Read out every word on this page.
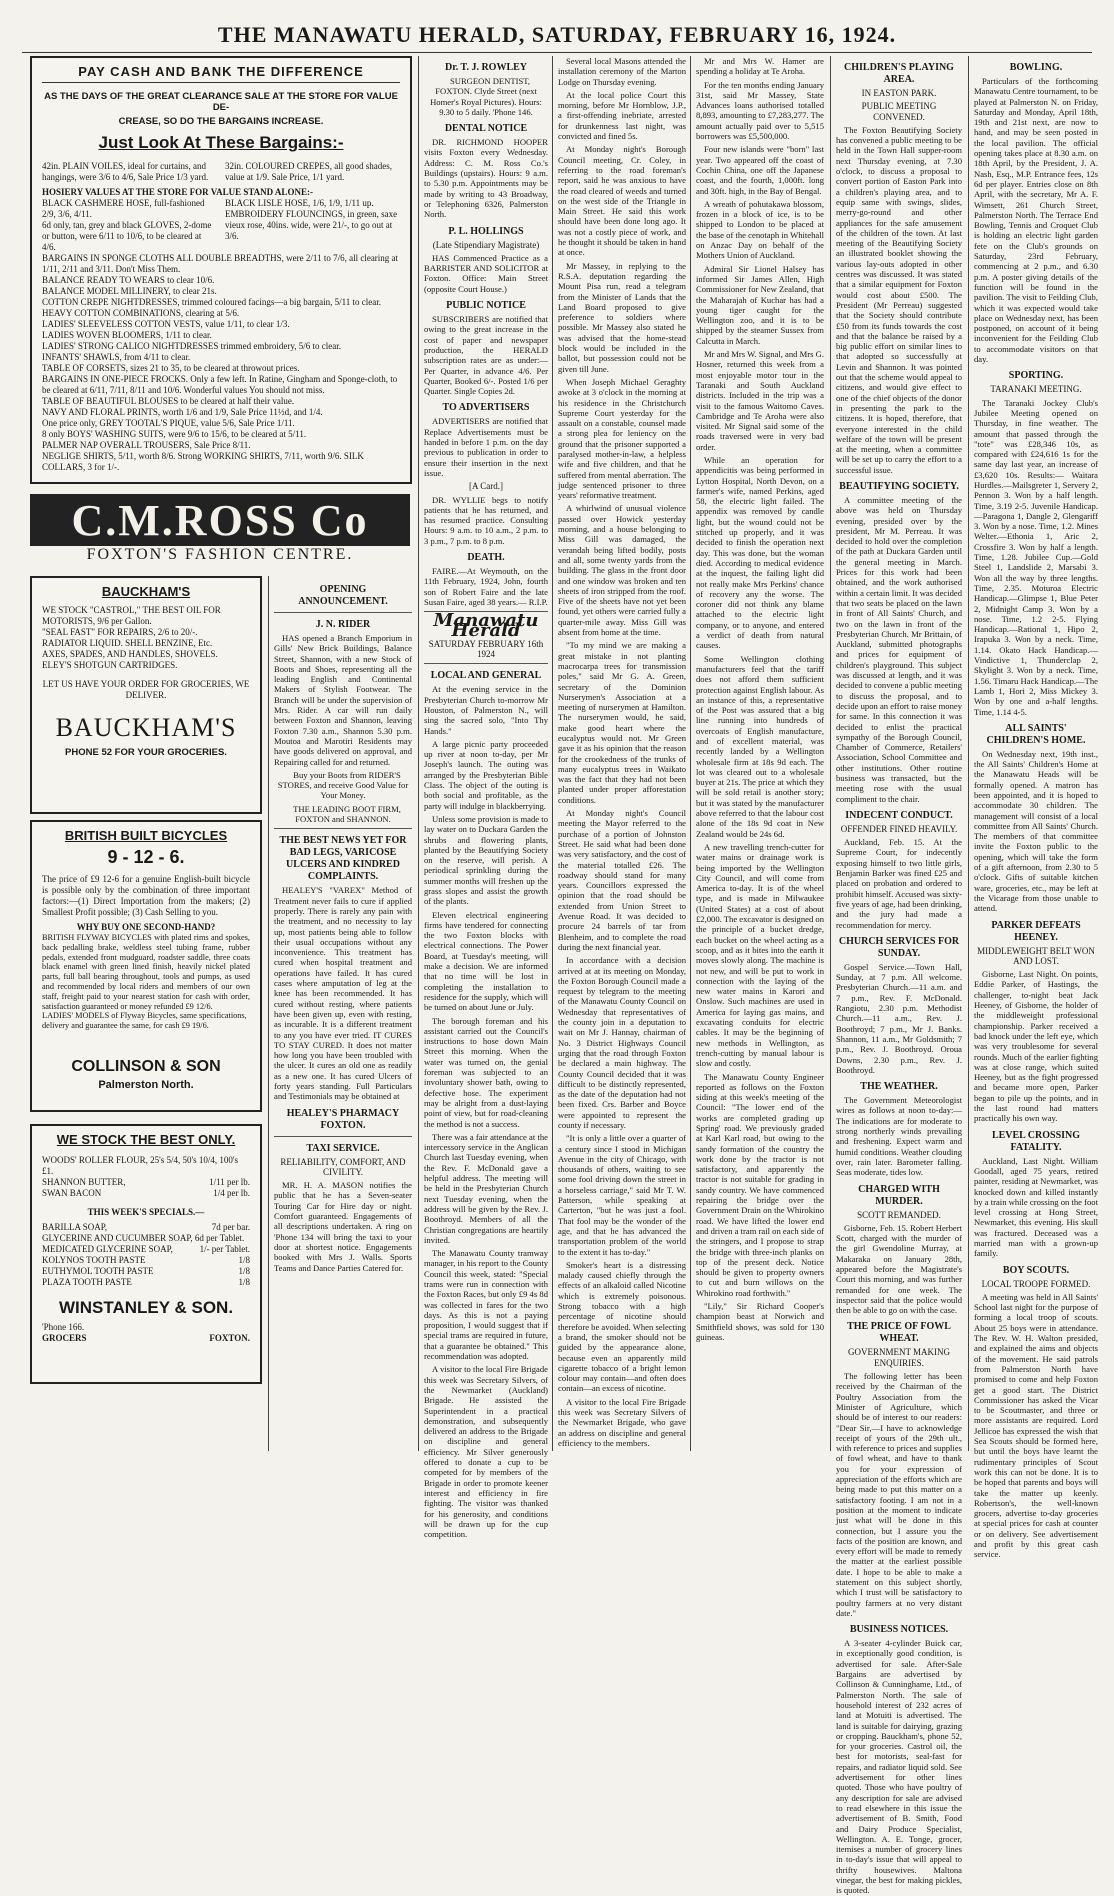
THE MANAWATU HERALD, SATURDAY, FEBRUARY 16, 1924.
PAY CASH AND BANK THE DIFFERENCE
AS THE DAYS OF THE GREAT CLEARANCE SALE AT THE STORE FOR VALUE DE-
CREASE, SO DO THE BARGAINS INCREASE.
Just Look At These Bargains:-
42in. PLAIN VOILES, ideal for curtains, and hangings, were 3/6 to 4/6, Sale Price 1/3 yard.
32in. COLOURED CREPES, all good shades, value at 1/9. Sale Price, 1/1 yard.
HOSIERY VALUES AT THE STORE FOR VALUE STAND ALONE:-
BLACK CASHMERE HOSE, full-fashioned 2/9, 3/6, 4/11.
6d only, tan, grey and black GLOVES, 2-dome or button, were 6/11 to 10/6, to be cleared at 4/6.
BLACK LISLE HOSE, 1/6, 1/9, 1/11 up.
EMBROIDERY FLOUNCINGS, in green, saxe vieux rose, 40ins. wide, were 21/-, to go out at 3/6.
BARGAINS IN SPONGE CLOTHS ALL DOUBLE BREADTHS, were 2/11 to 7/6, all clearing at 1/11, 2/11 and 3/11. Don't Miss Them.
BALANCE READY TO WEARS to clear 10/6.
BALANCE MODEL MILLINERY, to clear 21s.
COTTON CREPE NIGHTDRESSES, trimmed coloured facings—a big bargain, 5/11 to clear.
HEAVY COTTON COMBINATIONS, clearing at 5/6.
LADIES' SLEEVELESS COTTON VESTS, value 1/11, to clear 1/3.
LADIES WOVEN BLOOMERS, 1/11 to clear.
LADIES' STRONG CALICO NIGHTDRESSES trimmed embroidery, 5/6 to clear.
INFANTS' SHAWLS, from 4/11 to clear.
TABLE OF CORSETS, sizes 21 to 35, to be cleared at throwout prices.
BARGAINS IN ONE-PIECE FROCKS. Only a few left. In Ratine, Gingham and Sponge-cloth, to be cleared at 6/11, 7/11, 8/11 and 10/6. Wonderful values You should not miss.
TABLE OF BEAUTIFUL BLOUSES to be cleared at half their value.
NAVY AND FLORAL PRINTS, worth 1/6 and 1/9, Sale Price 11½d, and 1/4.
One price only, GREY TOOTAL'S PIQUE, value 5/6, Sale Price 1/11.
8 only BOYS' WASHING SUITS, were 9/6 to 15/6, to be cleared at 5/11.
PALMER NAP OVERALL TROUSERS, Sale Price 8/11.
NEGLIGE SHIRTS, 5/11, worth 8/6. Strong WORKING SHIRTS, 7/11, worth 9/6. SILK COLLARS, 3 for 1/-.
C.M.ROSS Co
FOXTON'S FASHION CENTRE.
BAUCKHAM'S
WE STOCK "CASTROL," THE BEST OIL FOR MOTORISTS, 9/6 per Gallon.
"SEAL FAST" FOR REPAIRS, 2/6 to 20/-.
RADIATOR LIQUID. SHELL BENZINE, Etc.
AXES, SPADES, AND HANDLES, SHOVELS.
ELEY'S SHOTGUN CARTRIDGES.
LET US HAVE YOUR ORDER FOR GROCERIES, WE DELIVER.
BAUCKHAM'S
PHONE 52 FOR YOUR GROCERIES.
BRITISH BUILT BICYCLES
9 - 12 - 6.
The price of £9 12-6 for a genuine English-built bicycle is possible only by the combination of three important factors:—(1) Direct Importation from the makers; (2) Smallest Profit possible; (3) Cash Selling to you.
WHY BUY ONE SECOND-HAND?
BRITISH FLYWAY BICYCLES with plated rims and spokes, back pedalling brake, weldless steel tubing frame, rubber pedals, extended front mudguard, roadster saddle, three coats black enamel with green lined finish, heavily nickel plated parts, full ball bearing throughout, tools and pumps, as used and recommended by local riders and members of our own staff, freight paid to your nearest station for cash with order, satisfaction guaranteed or money refunded £9 12/6.
LADIES' MODELS of Flyway Bicycles, same specifications, delivery and guarantee the same, for cash £9 19/6.
COLLINSON & SON
Palmerston North.
WE STOCK THE BEST ONLY.
WOODS' ROLLER FLOUR, 25's 5/4, 50's 10/4, 100's £1.
SHANNON BUTTER,	1/11 per lb.
SWAN BACON	1/4 per lb.
THIS WEEK'S SPECIALS.—
BARILLA SOAP,	7d per bar.
GLYCERINE AND CUCUMBER SOAP, 6d per Tablet.
MEDICATED GLYCERINE SOAP,	1/- per Tablet.
KOLYNOS TOOTH PASTE	1/8
EUTHYMOL TOOTH PASTE	1/8
PLAZA TOOTH PASTE	1/8
WINSTANLEY & SON.
'Phone 166.
GROCERS	FOXTON.
OPENING ANNOUNCEMENT.
J. N. RIDER

HAS opened a Branch Emporium in Gills' New Brick Buildings, Balance Street, Shannon, with a new Stock of Boots and Shoes, representing all the leading English and Continental Makers of Stylish Footwear. The Branch will be under the supervision of Mrs. Rider. A car will run daily between Foxton and Shannon, leaving Foxton 7.30 a.m., Shannon 5.30 p.m. Moutoa and Marotiri Residents may have goods delivered on approval, and Repairing called for and returned.

Buy your Boots from RIDER'S STORES, and receive Good Value for Your Money.

THE LEADING BOOT FIRM, FOXTON and SHANNON.

THE BEST NEWS YET FOR BAD LEGS, VARICOSE ULCERS AND KINDRED COMPLAINTS.

HEALEY'S "VAREX" Method of Treatment never fails to cure if applied properly. There is rarely any pain with the treatment, and no necessity to lay up, most patients being able to follow their usual occupations without any inconvenience. This treatment has cured when hospital treatment and operations have failed. It has cured cases where amputation of leg at the knee has been recommended. It has cured without resting, where patients have been given up, even with resting, as incurable. It is a different treatment to any you have ever tried. IT CURES TO STAY CURED. It does not matter how long you have been troubled with the ulcer. It cures an old one as readily as a new one. It has cured Ulcers of forty years standing. Full Particulars and Testimonials may be obtained at

HEALEY'S PHARMACY FOXTON.
TAXI SERVICE.
RELIABILITY, COMFORT, AND CIVILITY.

MR. H. A. MASON notifies the public that he has a Seven-seater Touring Car for Hire day or night. Comfort guaranteed. Engagements of all descriptions undertaken. A ring on 'Phone 134 will bring the taxi to your door at shortest notice. Engagements booked with Mrs J. Walls. Sports Teams and Dance Parties Catered for.

Dr. T. J. ROWLEY

SURGEON DENTIST, FOXTON. Clyde Street (next Homer's Royal Pictures). Hours: 9.30 to 5 daily. 'Phone 146.

DENTAL NOTICE

DR. RICHMOND HOOPER visits Foxton every Wednesday. Address: C. M. Ross Co.'s Buildings (upstairs). Hours: 9 a.m. to 5.30 p.m. Appointments may be made by writing to 43 Broadway, or Telephoning 6326, Palmerston North.

P. L. HOLLINGS
(Late Stipendiary Magistrate)

HAS Commenced Practice as a BARRISTER AND SOLICITOR at Foxton. Office: Main Street (opposite Court House.)

PUBLIC NOTICE

SUBSCRIBERS are notified that owing to the great increase in the cost of paper and newspaper production, the HERALD subscription rates are as under:— Per Quarter, in advance 4/6. Per Quarter, Booked 6/-. Posted 1/6 per Quarter. Single Copies 2d.

TO ADVERTISERS

ADVERTISERS are notified that Replace Advertisements must be handed in before 1 p.m. on the day previous to publication in order to ensure their insertion in the next issue.

[A Card.]

DR. WYLLIE begs to notify patients that he has returned, and has resumed practice. Consulting Hours: 9 a.m. to 10 a.m., 2 p.m. to 3 p.m., 7 p.m. to 8 p.m.

DEATH.

FAIRE.—At Weymouth, on the 11th February, 1924, John, fourth son of Robert Faire and the late Susan Faire, aged 38 years.— R.I.P.

Manawatu Herald
SATURDAY FEBRUARY 16th 1924
LOCAL AND GENERAL

At the evening service in the Presbyterian Church to-morrow Mr Houston, of Palmerston N., will sing the sacred solo, "Into Thy Hands."

A large picnic party proceeded up river at noon to-day, per Mr Joseph's launch. The outing was arranged by the Presbyterian Bible Class. The object of the outing is both social and profitable, as the party will indulge in blackberrying.

Unless some provision is made to lay water on to Duckara Garden the shrubs and flowering plants, planted by the Beautifying Society on the reserve, will perish. A periodical sprinkling during the summer months will freshen up the grass slopes and assist the growth of the plants.

Eleven electrical engineering firms have tendered for connecting the two Foxton blocks with electrical connections. The Power Board, at Tuesday's meeting, will make a decision. We are informed that no time will be lost in completing the installation to residence for the supply, which will be turned on about June or July.

The borough foreman and his assistant carried out the Council's instructions to hose down Main Street this morning. When the water was turned on, the genial foreman was subjected to an involuntary shower bath, owing to defective hose. The experiment may be alright from a dust-laying point of view, but for road-cleaning the method is not a success.

There was a fair attendance at the intercessory service in the Anglican Church last Tuesday evening, when the Rev. F. McDonald gave a helpful address. The meeting will be held in the Presbyterian Church next Tuesday evening, when the address will be given by the Rev. J. Boothroyd. Members of all the Christian congregations are heartily invited.

The Manawatu County tramway manager, in his report to the County Council this week, stated: "Special trams were run in connection with the Foxton Races, but only £9 4s 8d was collected in fares for the two days. As this is not a paying proposition, I would suggest that if special trams are required in future, that a guarantee be obtained." This recommendation was adopted.

A visitor to the local Fire Brigade this week was Secretary Silvers, of the Newmarket (Auckland) Brigade. He assisted the Superintendent in a practical demonstration, and subsequently delivered an address to the Brigade on discipline and general efficiency. Mr Silver generously offered to donate a cup to be competed for by members of the Brigade in order to promote keener interest and efficiency in fire fighting. The visitor was thanked for his generosity, and conditions will be drawn up for the cup competition.

Several local Masons attended the installation ceremony of the Marton Lodge on Thursday evening.

At the local police Court this morning, before Mr Hornblow, J.P., a first-offending inebriate, arrested for drunkenness last night, was convicted and fined 5s.

At Monday night's Borough Council meeting, Cr. Coley, in referring to the road foreman's report, said he was anxious to have the road cleared of weeds and turned on the west side of the Triangle in Main Street. He said this work should have been done long ago. It was not a costly piece of work, and he thought it should be taken in hand at once.

Mr Massey, in replying to the R.S.A. deputation regarding the Mount Pisa run, read a telegram from the Minister of Lands that the Land Board proposed to give preference to soldiers where possible. Mr Massey also stated he was advised that the home-stead block would be included in the ballot, but possession could not be given till June.

When Joseph Michael Geraghty awoke at 3 o'clock in the morning at his residence in the Christchurch Supreme Court yesterday for the assault on a constable, counsel made a strong plea for leniency on the ground that the prisoner supported a paralysed mother-in-law, a helpless wife and five children, and that he suffered from mental aberration. The judge sentenced prisoner to three years' reformative treatment.

A whirlwind of unusual violence passed over Howick yesterday morning, and a house belonging to Miss Gill was damaged, the verandah being lifted bodily, posts and all, some twenty yards from the building. The glass in the front door and one window was broken and ten sheets of iron stripped from the roof. Five of the sheets have not yet been found, yet others were carried fully a quarter-mile away. Miss Gill was absent from home at the time.

"To my mind we are making a great mistake in not planting macrocarpa trees for transmission poles," said Mr G. A. Green, secretary of the Dominion Nurserymen's Association at a meeting of nurserymen at Hamilton. The nurserymen would, he said, make good heart where the eucalyptus would not. Mr Green gave it as his opinion that the reason for the crookedness of the trunks of many eucalyptus trees in Waikato was the fact that they had not been planted under proper afforestation conditions.

At Monday night's Council meeting the Mayor referred to the purchase of a portion of Johnston Street. He said what had been done was very satisfactory, and the cost of the material totalled £26. The roadway should stand for many years. Councillors expressed the opinion that the road should be extended from Union Street to Avenue Road. It was decided to procure 24 barrels of tar from Blenheim, and to complete the road during the next financial year.

In accordance with a decision arrived at at its meeting on Monday, the Foxton Borough Council made a request by telegram to the meeting of the Manawatu County Council on Wednesday that representatives of the county join in a deputation to wait on Mr J. Hannay, chairman of No. 3 District Highways Council urging that the road through Foxton be declared a main highway. The County Council decided that it was difficult to be distinctly represented, as the date of the deputation had not been fixed. Crs. Barber and Boyce were appointed to represent the county if necessary.

"It is only a little over a quarter of a century since I stood in Michigan Avenue in the city of Chicago, with thousands of others, waiting to see some fool driving down the street in a horseless carriage," said Mr T. W. Patterson, while speaking at Carterton, "but he was just a fool. That fool may be the wonder of the age, and that he has advanced the transportation problem of the world to the extent it has to-day."

Smoker's heart is a distressing malady caused chiefly through the effects of an alkaloid called Nicotine which is extremely poisonous. Strong tobacco with a high percentage of nicotine should therefore be avoided. When selecting a brand, the smoker should not be guided by the appearance alone, because even an apparently mild cigarette tobacco of a bright lemon colour may contain—and often does contain—an excess of nicotine.

A visitor to the local Fire Brigade this week was Secretary Silvers of the Newmarket Brigade, who gave an address on discipline and general efficiency to the members.

Mr and Mrs W. Hamer are spending a holiday at Te Aroha.

For the ten months ending January 31st, said Mr Massey, State Advances loans authorised totalled 8,893, amounting to £7,283,277. The amount actually paid over to 5,515 borrowers was £5,500,000.

Four new islands were "born" last year. Two appeared off the coast of Cochin China, one off the Japanese coast, and the fourth, 1,000ft. long and 30ft. high, in the Bay of Bengal.

A wreath of pohutakawa blossom, frozen in a block of ice, is to be shipped to London to be placed at the base of the cenotaph in Whitehall on Anzac Day on behalf of the Mothers Union of Auckland.

Admiral Sir Lionel Halsey has informed Sir James Allen, High Commissioner for New Zealand, that the Maharajah of Kuchar has had a young tiger caught for the Wellington zoo, and it is to be shipped by the steamer Sussex from Calcutta in March.

Mr and Mrs W. Signal, and Mrs G. Hosner, returned this week from a most enjoyable motor tour in the Taranaki and South Auckland districts. Included in the trip was a visit to the famous Waitomo Caves. Cambridge and Te Aroha were also visited. Mr Signal said some of the roads traversed were in very bad order.

While an operation for appendicitis was being performed in Lytton Hospital, North Devon, on a farmer's wife, named Perkins, aged 58, the electric light failed. The appendix was removed by candle light, but the wound could not be stitched up properly, and it was decided to finish the operation next day. This was done, but the woman died. According to medical evidence at the inquest, the failing light did not really make Mrs Perkins' chance of recovery any the worse. The coroner did not think any blame attached to the electric light company, or to anyone, and entered a verdict of death from natural causes.

Some Wellington clothing manufacturers feel that the tariff does not afford them sufficient protection against English labour. As an instance of this, a representative of the Post was assured that a big line running into hundreds of overcoats of English manufacture, and of excellent material, was recently landed by a Wellington wholesale firm at 18s 9d each. The lot was cleared out to a wholesale buyer at 21s. The price at which they will be sold retail is another story; but it was stated by the manufacturer above referred to that the labour cost alone of the 18s 9d coat in New Zealand would be 24s 6d.

A new travelling trench-cutter for water mains or drainage work is being imported by the Wellington City Council, and will come from America to-day. It is of the wheel type, and is made in Milwaukee (United States) at a cost of about £2,000. The excavator is designed on the principle of a bucket dredge, each bucket on the wheel acting as a scoop, and as it bites into the earth it moves slowly along. The machine is not new, and will be put to work in connection with the laying of the new water mains in Karori and Onslow. Such machines are used in America for laying gas mains, and excavating conduits for electric cables. It may be the beginning of new methods in Wellington, as trench-cutting by manual labour is slow and costly.

The Manawatu County Engineer reported as follows on the Foxton siding at this week's meeting of the Council: "The lower end of the works are completed grading up Spring' road. We previously graded at Karl Karl road, but owing to the sandy formation of the country the work done by the tractor is not satisfactory, and apparently the tractor is not suitable for grading in sandy country. We have commenced repairing the bridge over the Government Drain on the Whirokino road. We have lifted the lower end and driven a tram rail on each side of the stringers, and I propose to strap the bridge with three-inch planks on top of the present deck. Notice should be given to property owners to cut and burn willows on the Whirokino road forthwith."

"Lily," Sir Richard Cooper's champion beast at Norwich and Smithfield shows, was sold for 130 guineas.

CHILDREN'S PLAYING AREA.
IN EASTON PARK.
PUBLIC MEETING CONVENED.

The Foxton Beautifying Society has convened a public meeting to be held in the Town Hall supper-room next Thursday evening, at 7.30 o'clock, to discuss a proposal to convert portion of Easton Park into a children's playing area, and to equip same with swings, slides, merry-go-round and other appliances for the safe amusement of the children of the town. At last meeting of the Beautifying Society an illustrated booklet showing the various lay-outs adopted in other centres was discussed. It was stated that a similar equipment for Foxton would cost about £500. The President (Mr Perreau) suggested that the Society should contribute £50 from its funds towards the cost and that the balance be raised by a big public effort on similar lines to that adopted so successfully at Levin and Shannon. It was pointed out that the scheme would appeal to citizens, and would give effect to one of the chief objects of the donor in presenting the park to the citizens. It is hoped, therefore, that everyone interested in the child welfare of the town will be present at the meeting, when a committee will be set up to carry the effort to a successful issue.

BEAUTIFYING SOCIETY.

A committee meeting of the above was held on Thursday evening, presided over by the president, Mr M. Perreau. It was decided to hold over the completion of the path at Duckara Garden until the general meeting in March. Prices for this work had been obtained, and the work authorised within a certain limit. It was decided that two seats be placed on the lawn in front of All Saints' Church, and two on the lawn in front of the Presbyterian Church. Mr Brittain, of Auckland, submitted photographs and prices for equipment of children's playground. This subject was discussed at length, and it was decided to convene a public meeting to discuss the proposal, and to decide upon an effort to raise money for same. In this connection it was decided to enlist the practical sympathy of the Borough Council, Chamber of Commerce, Retailers' Association, School Committee and other institutions. Other routine business was transacted, but the meeting rose with the usual compliment to the chair.

INDECENT CONDUCT.
OFFENDER FINED HEAVILY.

Auckland, Feb. 15. At the Supreme Court, for indecently exposing himself to two little girls, Benjamin Barker was fined £25 and placed on probation and ordered to prohibit himself. Accused was sixty-five years of age, had been drinking, and the jury had made a recommendation for mercy.

CHURCH SERVICES FOR SUNDAY.

Gospel Service.—Town Hall, Sunday, at 7 p.m. All welcome. Presbyterian Church.—11 a.m. and 7 p.m., Rev. F. McDonald. Rangiotu, 2.30 p.m. Methodist Church.—11 a.m., Rev. J. Boothroyd; 7 p.m., Mr J. Banks. Shannon, 11 a.m., Mr Goldsmith; 7 p.m., Rev. J. Boothroyd. Oroua Downs, 2.30 p.m., Rev. J. Boothroyd.

THE WEATHER.

The Government Meteorologist wires as follows at noon to-day:— The indications are for moderate to strong northerly winds prevailing and freshening. Expect warm and humid conditions. Weather clouding over, rain later. Barometer falling. Seas moderate, tides low.

CHARGED WITH MURDER.
SCOTT REMANDED.

Gisborne, Feb. 15. Robert Herbert Scott, charged with the murder of the girl Gwendoline Murray, at Makaraka on January 28th, appeared before the Magistrate's Court this morning, and was further remanded for one week. The inspector said that the police would then be able to go on with the case.

THE PRICE OF FOWL WHEAT.
GOVERNMENT MAKING ENQUIRIES.

The following letter has been received by the Chairman of the Poultry Association from the Minister of Agriculture, which should be of interest to our readers: "Dear Sir,—I have to acknowledge receipt of yours of the 29th ult., with reference to prices and supplies of fowl wheat, and have to thank you for your expression of appreciation of the efforts which are being made to put this matter on a satisfactory footing. I am not in a position at the moment to indicate just what will be done in this connection, but I assure you the facts of the position are known, and every effort will be made to remedy the matter at the earliest possible date. I hope to be able to make a statement on this subject shortly, which I trust will be satisfactory to poultry farmers at no very distant date."

BUSINESS NOTICES.

A 3-seater 4-cylinder Buick car, in exceptionally good condition, is advertised for sale. After-Sale Bargains are advertised by Collinson & Cunninghame, Ltd., of Palmerston North. The sale of household interest of 232 acres of land at Motuiti is advertised. The land is suitable for dairying, grazing or cropping. Bauckham's, phone 52, for your groceries. Castrol oil, the best for motorists, seal-fast for repairs, and radiator liquid sold. See advertisement for other lines quoted. Those who have poultry of any description for sale are advised to read elsewhere in this issue the advertisement of B. Smith, Food and Dairy Produce Specialist, Wellington. A. E. Tonge, grocer, itemises a number of grocery lines in to-day's issue that will appeal to thrifty housewives. Maltona vinegar, the best for making pickles, is quoted.

BOWLING.

Particulars of the forthcoming Manawatu Centre tournament, to be played at Palmerston N. on Friday, Saturday and Monday, April 18th, 19th and 21st next, are now to hand, and may be seen posted in the local pavilion. The official opening takes place at 8.30 a.m. on 18th April, by the President, J. A. Nash, Esq., M.P. Entrance fees, 12s 6d per player. Entries close on 8th April, with the secretary, Mr A. F. Wimsett, 261 Church Street, Palmerston North. The Terrace End Bowling, Tennis and Croquet Club is holding an electric light garden fete on the Club's grounds on Saturday, 23rd February, commencing at 2 p.m., and 6.30 p.m. A poster giving details of the function will be found in the pavilion. The visit to Feilding Club, which it was expected would take place on Wednesday next, has been postponed, on account of it being inconvenient for the Feilding Club to accommodate visitors on that day.

SPORTING.
TARANAKI MEETING.

The Taranaki Jockey Club's Jubilee Meeting opened on Thursday, in fine weather. The amount that passed through the "tote" was £28,346 10s, as compared with £24,616 1s for the same day last year, an increase of £3,620 10s. Results:— Waitara Hurdles.—Mailsgreter 1, Servery 2, Pennon 3. Won by a half length. Time, 3.19 2-5. Juvenile Handicap.—Paragona 1, Dangle 2, Glengariff 3. Won by a nose. Time, 1.2. Mines Welter.—Ethonia 1, Aric 2, Crossfire 3. Won by half a length. Time, 1.28. Jubilee Cup.—Gold Steel 1, Landslide 2, Marsabi 3. Won all the way by three lengths. Time, 2.35. Moturoa Electric Handicap.—Glimpse 1, Blue Peter 2, Midnight Camp 3. Won by a nose. Time, 1.2 2-5. Flying Handicap.—Rational 1, Hipo 2, Irapuka 3. Won by a neck. Time, 1.14. Okato Hack Handicap.—Vindictive 1, Thunderclap 2, Skylight 3. Won by a neck. Time, 1.56. Timaru Hack Handicap.—The Lamb 1, Hori 2, Miss Mickey 3. Won by one and a-half lengths. Time, 1.14 4-5.

ALL SAINTS' CHILDREN'S HOME.

On Wednesday next, 19th inst., the All Saints' Children's Home at the Manawatu Heads will be formally opened. A matron has been appointed, and it is hoped to accommodate 30 children. The management will consist of a local committee from All Saints' Church. The members of that committee invite the Foxton public to the opening, which will take the form of a gift afternoon, from 2.30 to 5 o'clock. Gifts of suitable kitchen ware, groceries, etc., may be left at the Vicarage from those unable to attend.

PARKER DEFEATS HEENEY.
MIDDLEWEIGHT BELT WON AND LOST.

Gisborne, Last Night. On points, Eddie Parker, of Hastings, the challenger, to-night beat Jack Heeney, of Gisborne, the holder of the middleweight professional championship. Parker received a bad knock under the left eye, which was very troublesome for several rounds. Much of the earlier fighting was at close range, which suited Heeney, but as the fight progressed and became more open, Parker began to pile up the points, and in the last round had matters practically his own way.

LEVEL CROSSING FATALITY.

Auckland, Last Night. William Goodall, aged 75 years, retired painter, residing at Newmarket, was knocked down and killed instantly by a train while crossing on the foot level crossing at Hong Street, Newmarket, this evening. His skull was fractured. Deceased was a married man with a grown-up family.

BOY SCOUTS.
LOCAL TROOPE FORMED.

A meeting was held in All Saints' School last night for the purpose of forming a local troop of scouts. About 25 boys were in attendance. The Rev. W. H. Walton presided, and explained the aims and objects of the movement. He said patrols from Palmerston North have promised to come and help Foxton get a good start. The District Commissioner has asked the Vicar to be Scoutmaster, and three or more assistants are required. Lord Jellicoe has expressed the wish that Sea Scouts should be formed here, but until the boys have learnt the rudimentary principles of Scout work this can not be done. It is to be hoped that parents and boys will take the matter up keenly. Robertson's, the well-known grocers, advertise to-day groceries at special prices for cash at counter or on delivery. See advertisement and profit by this great cash service.
